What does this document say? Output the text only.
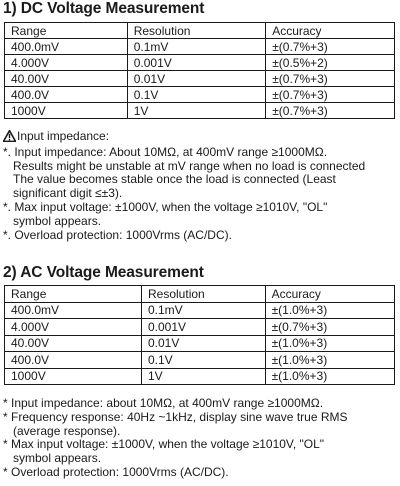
1) DC Voltage Measurement
Range	Resolution	Accuracy
400.0mV	0.1mV	±(0.7%+3)
4.000V	0.001V	±(0.5%+2)
40.00V	0.01V	±(0.7%+3)
400.0V	0.1V	±(0.7%+3)
1000V	1V	±(0.7%+3)

Input impedance:

*. Input impedance: About 10MΩ, at 400mV range ≥1000MΩ.

Results might be unstable at mV range when no load is connected

The value becomes stable once the load is connected (Least

significant digit ≤±3).

*. Max input voltage: ±1000V, when the voltage ≥1010V, "OL"

symbol appears.

*. Overload protection: 1000Vrms (AC/DC).

2) AC Voltage Measurement
Range	Resolution	Accuracy
400.0mV	0.1mV	±(1.0%+3)
4.000V	0.001V	±(0.7%+3)
40.00V	0.01V	±(1.0%+3)
400.0V	0.1V	±(1.0%+3)
1000V	1V	±(1.0%+3)

* Input impedance: about 10MΩ, at 400mV range ≥1000MΩ.

* Frequency response: 40Hz ~1kHz, display sine wave true RMS

(average response).

* Max input voltage: ±1000V, when the voltage ≥1010V, "OL"

symbol appears.

* Overload protection: 1000Vrms (AC/DC).
